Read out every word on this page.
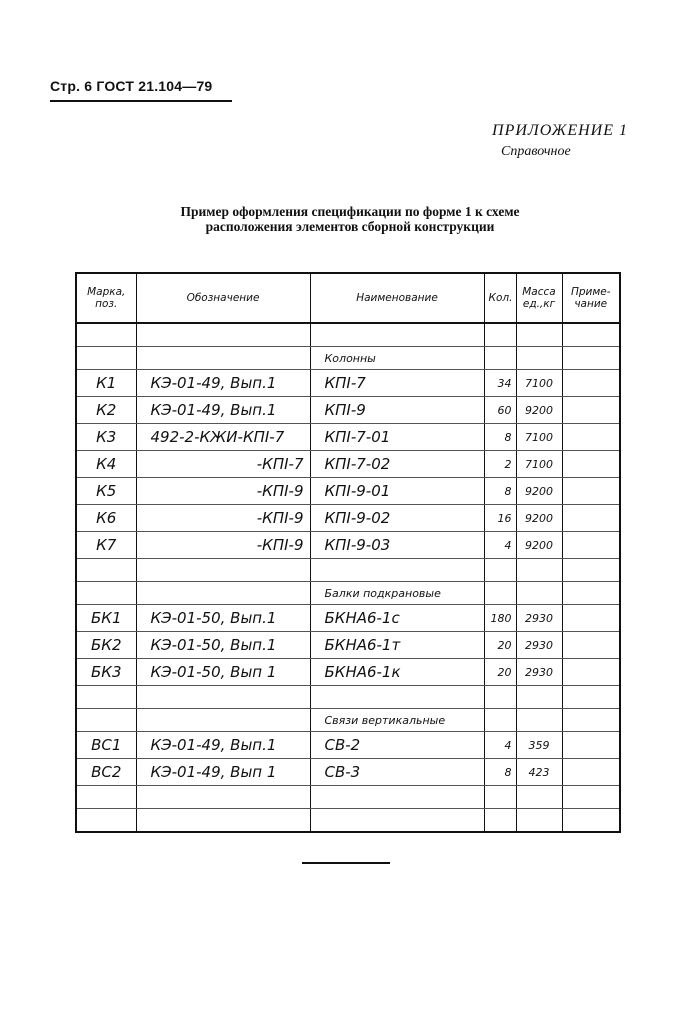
Стр. 6 ГОСТ 21.104—79
ПРИЛОЖЕНИЕ 1
Справочное
Пример оформления спецификации по форме 1 к схеме
расположения элементов сборной конструкции
Марка, поз.	Обозначение	Наименование	Кол.	Масса ед.,кг	Приме- чание

		Колонны			
К1	КЭ-01-49, Вып.1	КПI-7	34	7100	
К2	КЭ-01-49, Вып.1	КПI-9	60	9200	
К3	492-2-КЖИ-КПI-7	КПI-7-01	8	7100	
К4	-КПI-7	КПI-7-02	2	7100	
К5	-КПI-9	КПI-9-01	8	9200	
К6	-КПI-9	КПI-9-02	16	9200	
К7	-КПI-9	КПI-9-03	4	9200	

		Балки подкрановые			
БК1	КЭ-01-50, Вып.1	БКНА6-1с	180	2930	
БК2	КЭ-01-50, Вып.1	БКНА6-1т	20	2930	
БК3	КЭ-01-50, Вып 1	БКНА6-1к	20	2930	

		Связи вертикальные			
ВС1	КЭ-01-49, Вып.1	СВ-2	4	359	
ВС2	КЭ-01-49, Вып 1	СВ-3	8	423	
